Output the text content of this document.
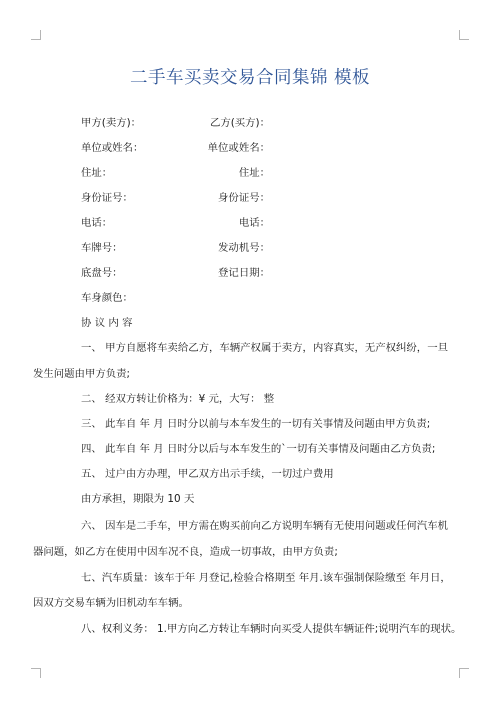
二手车买卖交易合同集锦 模板
甲方(卖方)：
单位或姓名：
住址：
身份证号：
电话：
车牌号：
底盘号：
车身颜色：
乙方(买方)：
单位或姓名：
住址：
身份证号：
电话：
发动机号：
登记日期：
协 议 内 容
一、 甲方自愿将车卖给乙方，车辆产权属于卖方，内容真实，无产权纠纷，一旦
发生问题由甲方负责;
二、 经双方转让价格为：¥ 元，大写： 整
三、 此车自 年 月 日时分以前与本车发生的一切有关事情及问题由甲方负责;
四、 此车自 年 月 日时分以后与本车发生的`一切有关事情及问题由乙方负责;
五、 过户由方办理，甲乙双方出示手续，一切过户费用
由方承担，期限为 10 天
六、 因车是二手车，甲方需在购买前向乙方说明车辆有无使用问题或任何汽车机
器问题，如乙方在使用中因车况不良，造成一切事故，由甲方负责;
七、汽车质量：该车于年 月登记,检验合格期至 年月.该车强制保险缴至 年月日，
因双方交易车辆为旧机动车车辆。
八、权利义务： 1.甲方向乙方转让车辆时向买受人提供车辆证件;说明汽车的现状。
